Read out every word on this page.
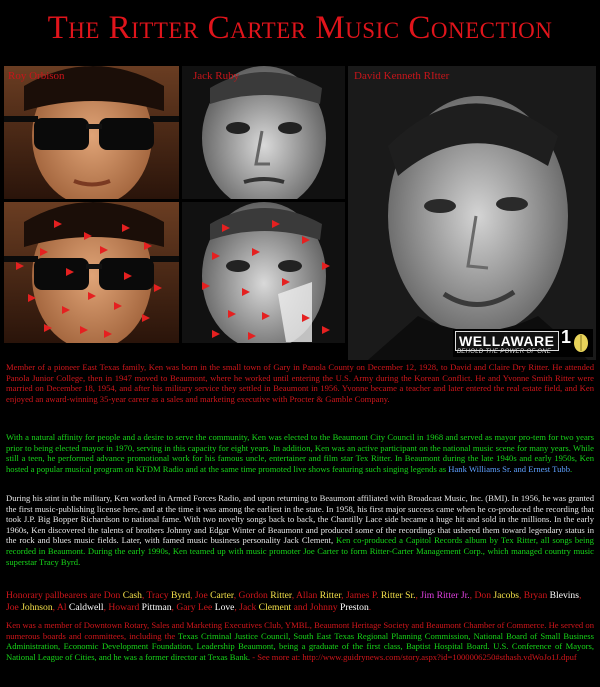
The Ritter Carter Music Conection
Roy Orbison	Jack Ruby	David Kenneth RItter
WELLAWARE 1
BEHOLD THE POWER OF ONE

Member of a pioneer East Texas family, Ken was born in the small town of Gary in Panola County on December 12, 1928, to David and Claire Dry Ritter. He attended Panola Junior College, then in 1947 moved to Beaumont, where he worked until entering the U.S. Army during the Korean Conflict. He and Yvonne Smith Ritter were married on December 18, 1954, and after his military service they settled in Beaumont in 1956. Yvonne became a teacher and later entered the real estate field, and Ken enjoyed an award-winning 35-year career as a sales and marketing executive with Procter & Gamble Company.

With a natural affinity for people and a desire to serve the community, Ken was elected to the Beaumont City Council in 1968 and served as mayor pro-tem for two years prior to being elected mayor in 1970, serving in this capacity for eight years. In addition, Ken was an active participant on the national music scene for many years. While still a teen, he performed advance promotional work for his famous uncle, entertainer and film star Tex Ritter. In Beaumont during the late 1940s and early 1950s, Ken hosted a popular musical program on KFDM Radio and at the same time promoted live shows featuring such singing legends as Hank Williams Sr. and Ernest Tubb.

During his stint in the military, Ken worked in Armed Forces Radio, and upon returning to Beaumont affiliated with Broadcast Music, Inc. (BMI). In 1956, he was granted the first music-publishing license here, and at the time it was among the earliest in the state. In 1958, his first major success came when he co-produced the recording that took J.P. Big Bopper Richardson to national fame. With two novelty songs back to back, the Chantilly Lace side became a huge hit and sold in the millions. In the early 1960s, Ken discovered the talents of brothers Johnny and Edgar Winter of Beaumont and produced some of the recordings that ushered them toward legendary status in the rock and blues music fields. Later, with famed music business personality Jack Clement, Ken co-produced a Capitol Records album by Tex Ritter, all songs being recorded in Beaumont. During the early 1990s, Ken teamed up with music promoter Joe Carter to form Ritter-Carter Management Corp., which managed country music superstar Tracy Byrd.

Honorary pallbearers are Don Cash, Tracy Byrd, Joe Carter, Gordon Ritter, Allan Ritter, James P. Ritter Sr., Jim Ritter Jr., Don Jacobs, Bryan Blevins, Joe Johnson, Al Caldwell, Howard Pittman, Gary Lee Love, Jack Clement and Johnny Preston.

Ken was a member of Downtown Rotary, Sales and Marketing Executives Club, YMBL, Beaumont Heritage Society and Beaumont Chamber of Commerce. He served on numerous boards and committees, including the Texas Criminal Justice Council, South East Texas Regional Planning Commission, National Board of Small Business Administration, Economic Development Foundation, Leadership Beaumont, being a graduate of the first class, Baptist Hospital Board. U.S. Conference of Mayors, National League of Cities, and he was a former director at Texas Bank. - See more at: http://www.guidrynews.com/story.aspx?id=1000006250#sthash.vdWoJo1J.dpuf
